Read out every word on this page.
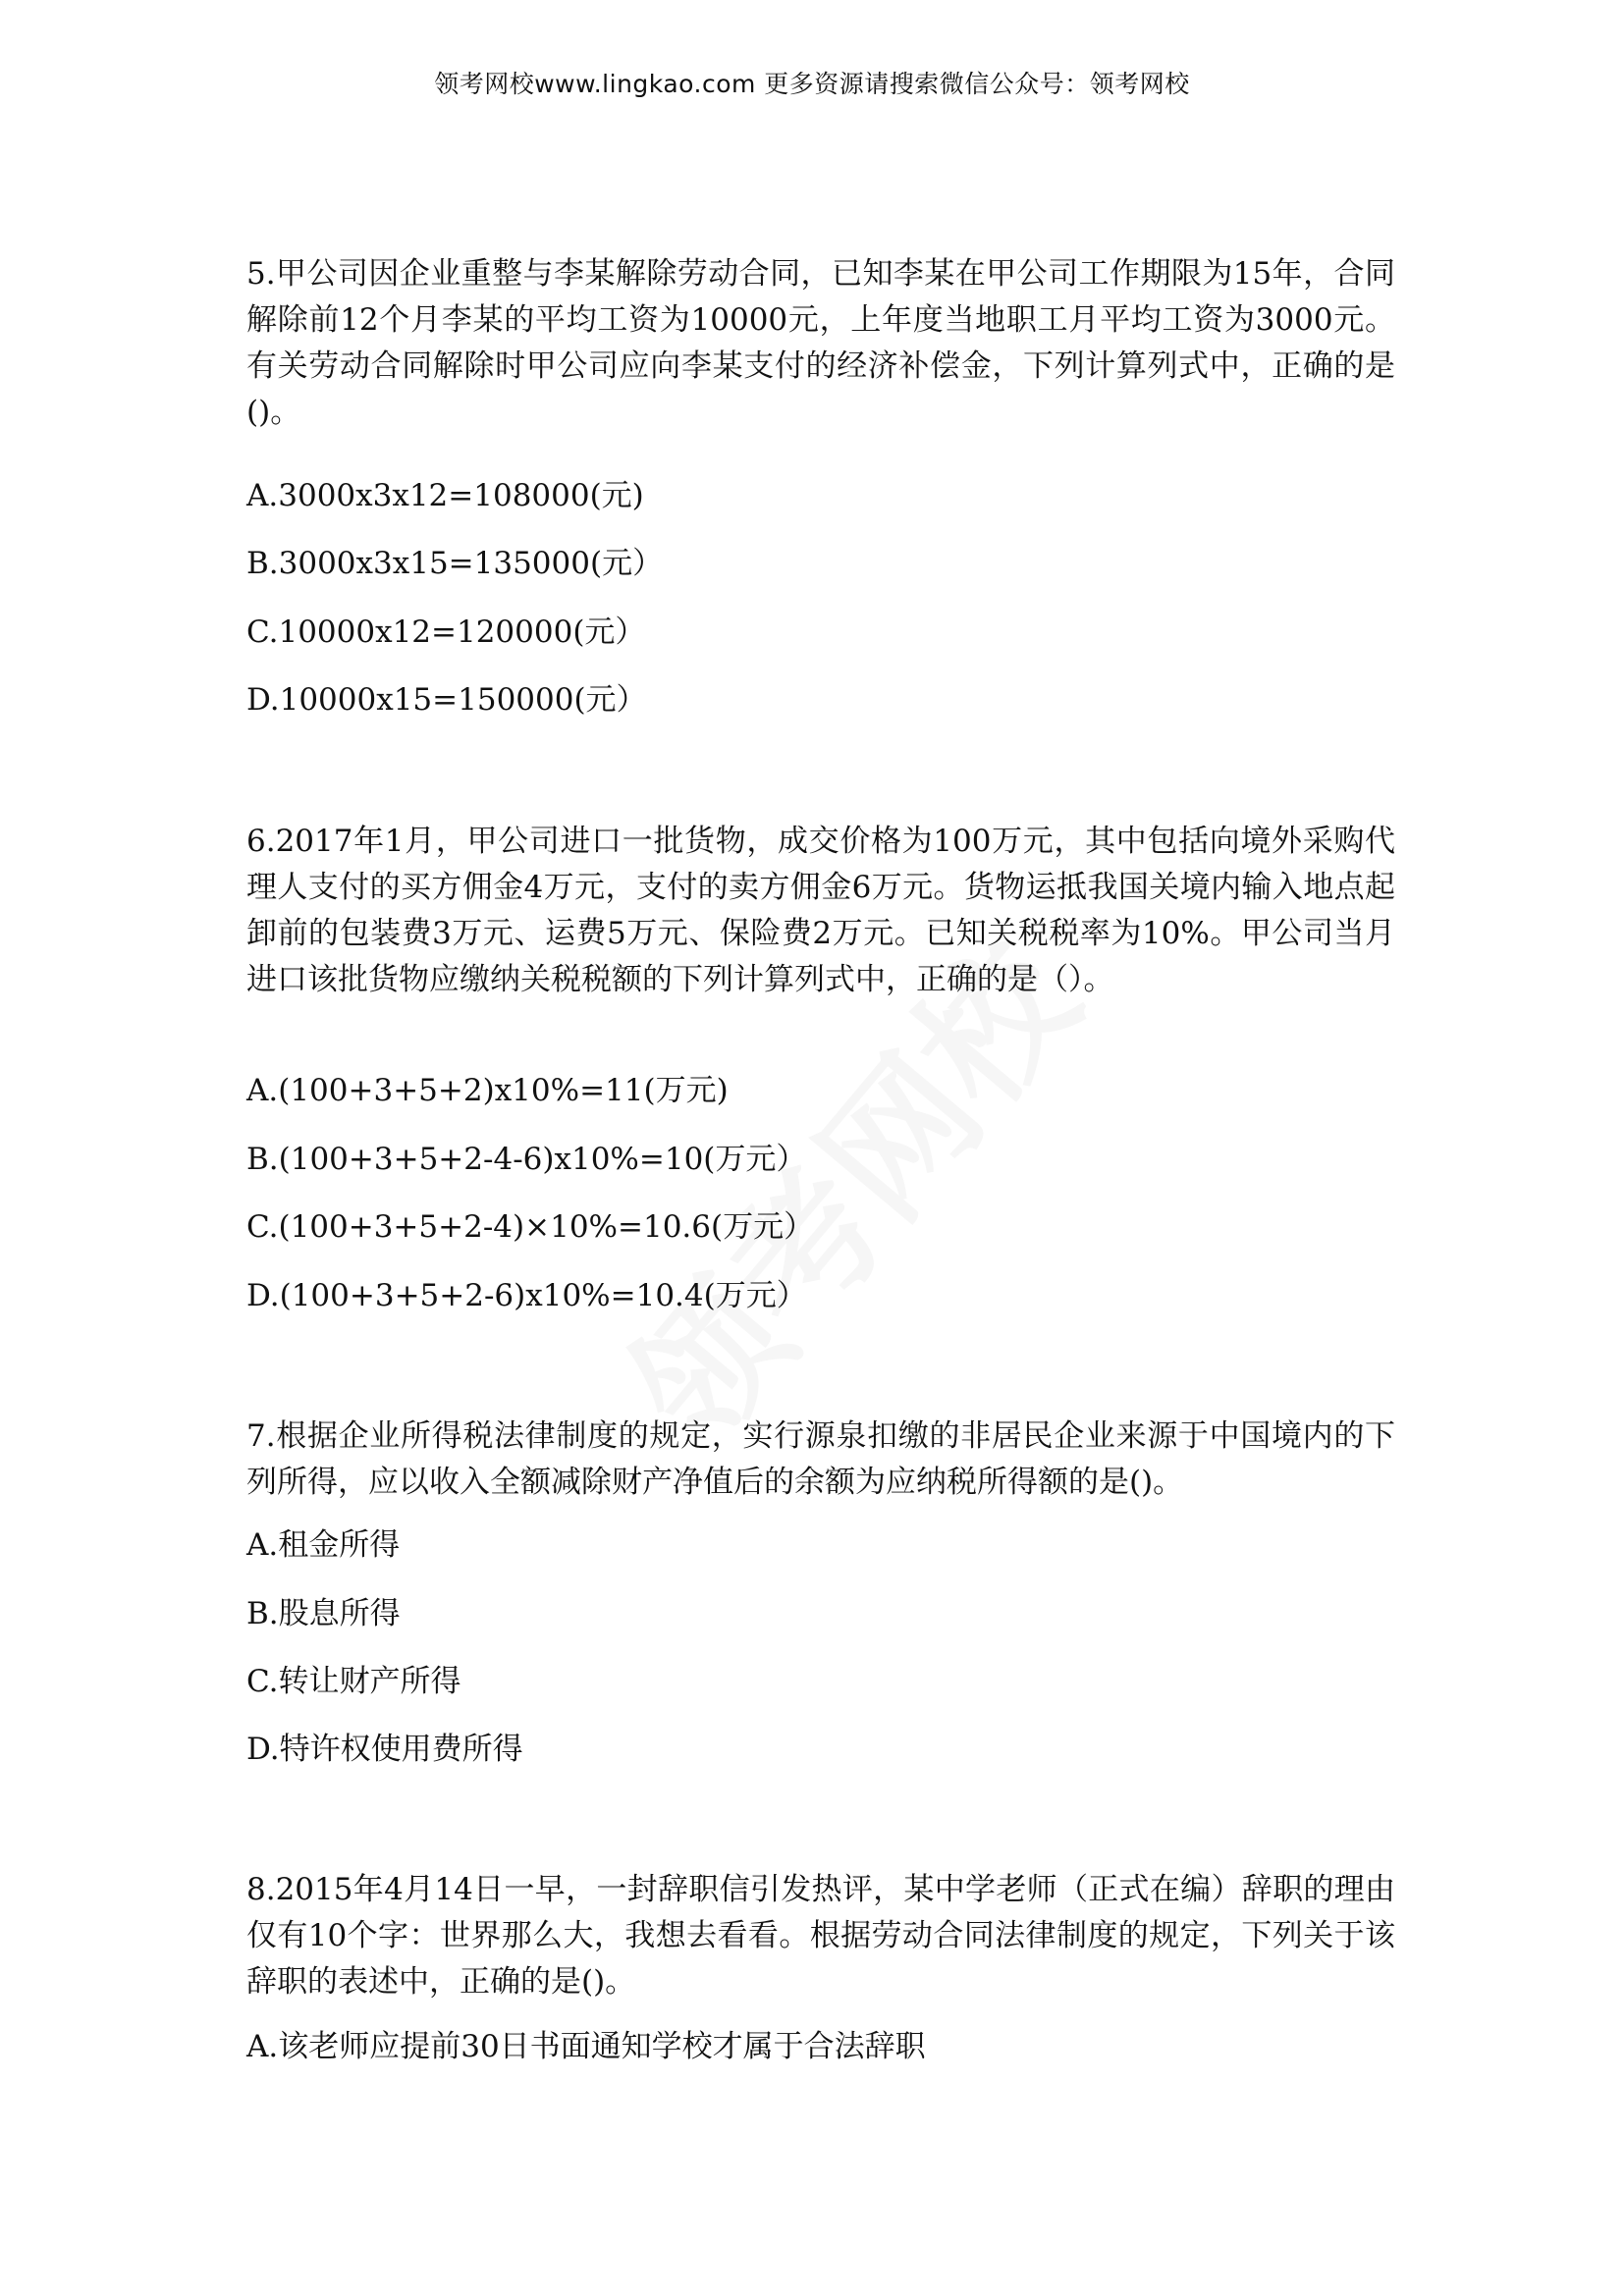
领考网校www.lingkao.com 更多资源请搜索微信公众号：领考网校

5.甲公司因企业重整与李某解除劳动合同，已知李某在甲公司工作期限为15年，合同解除前12个月李某的平均工资为10000元，上年度当地职工月平均工资为3000元。有关劳动合同解除时甲公司应向李某支付的经济补偿金，下列计算列式中，正确的是()。

A.3000x3x12=108000(元)
B.3000x3x15=135000(元）
C.10000x12=120000(元）
D.10000x15=150000(元）

6.2017年1月，甲公司进口一批货物，成交价格为100万元，其中包括向境外采购代理人支付的买方佣金4万元，支付的卖方佣金6万元。货物运抵我国关境内输入地点起卸前的包装费3万元、运费5万元、保险费2万元。已知关税税率为10%。甲公司当月进口该批货物应缴纳关税税额的下列计算列式中，正确的是（）。

A.(100+3+5+2)x10%=11(万元)
B.(100+3+5+2-4-6)x10%=10(万元）
C.(100+3+5+2-4)×10%=10.6(万元）
D.(100+3+5+2-6)x10%=10.4(万元）

7.根据企业所得税法律制度的规定，实行源泉扣缴的非居民企业来源于中国境内的下列所得，应以收入全额减除财产净值后的余额为应纳税所得额的是()。

A.租金所得
B.股息所得
C.转让财产所得
D.特许权使用费所得

8.2015年4月14日一早，一封辞职信引发热评，某中学老师（正式在编）辞职的理由仅有10个字：世界那么大，我想去看看。根据劳动合同法律制度的规定，下列关于该辞职的表述中，正确的是()。

A.该老师应提前30日书面通知学校才属于合法辞职
